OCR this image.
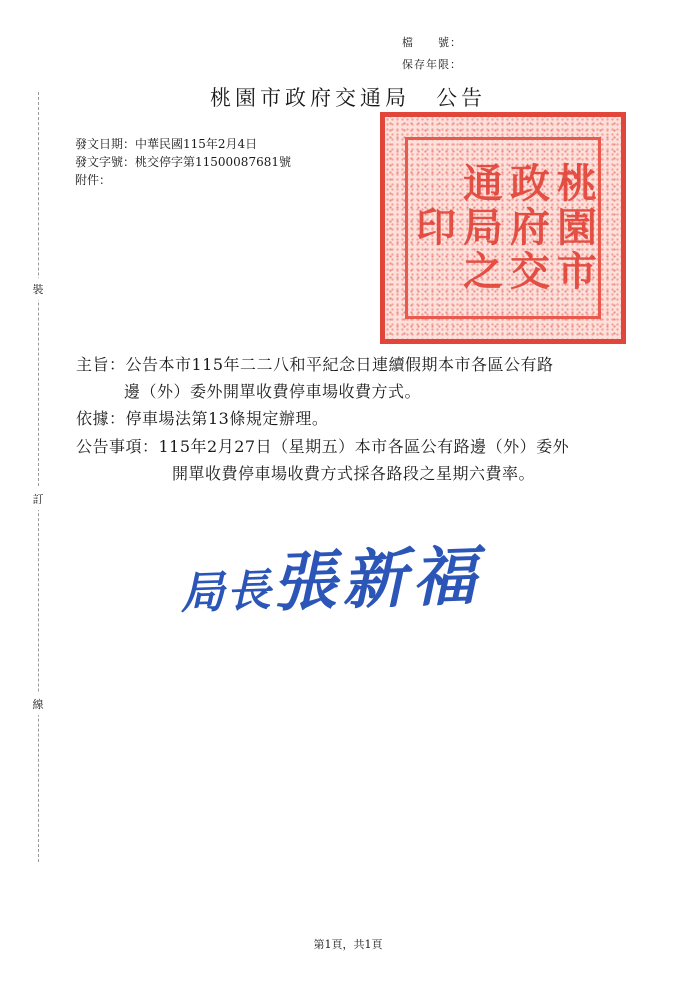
檔　　號：
保存年限：
裝
訂
線
桃園市政府交通局 公告
發文日期：中華民國115年2月4日
發文字號：桃交停字第11500087681號
附件：	桃園市
政府交
通局之
印
主旨：公告本市115年二二八和平紀念日連續假期本市各區公有路
邊（外）委外開單收費停車場收費方式。
依據：停車場法第13條規定辦理。
公告事項：115年2月27日（星期五）本市各區公有路邊（外）委外
開單收費停車場收費方式採各路段之星期六費率。
局長張新福
第1頁，共1頁
